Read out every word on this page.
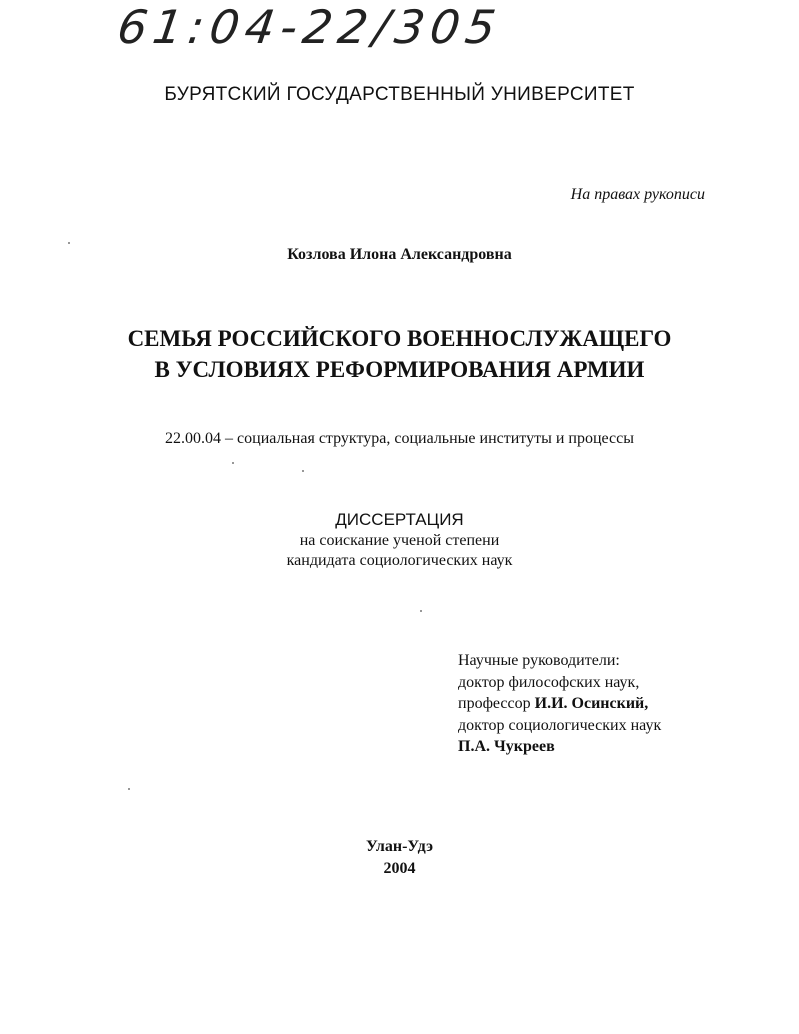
61:04-22/305
БУРЯТСКИЙ ГОСУДАРСТВЕННЫЙ УНИВЕРСИТЕТ
На правах рукописи
Козлова Илона Александровна
СЕМЬЯ РОССИЙСКОГО ВОЕННОСЛУЖАЩЕГО
В УСЛОВИЯХ РЕФОРМИРОВАНИЯ АРМИИ
22.00.04 – социальная структура, социальные институты и процессы
ДИССЕРТАЦИЯ
на соискание ученой степени
кандидата социологических наук
Научные руководители:
доктор философских наук,
профессор И.И. Осинский,
доктор социологических наук
П.А. Чукреев
Улан-Удэ
2004
